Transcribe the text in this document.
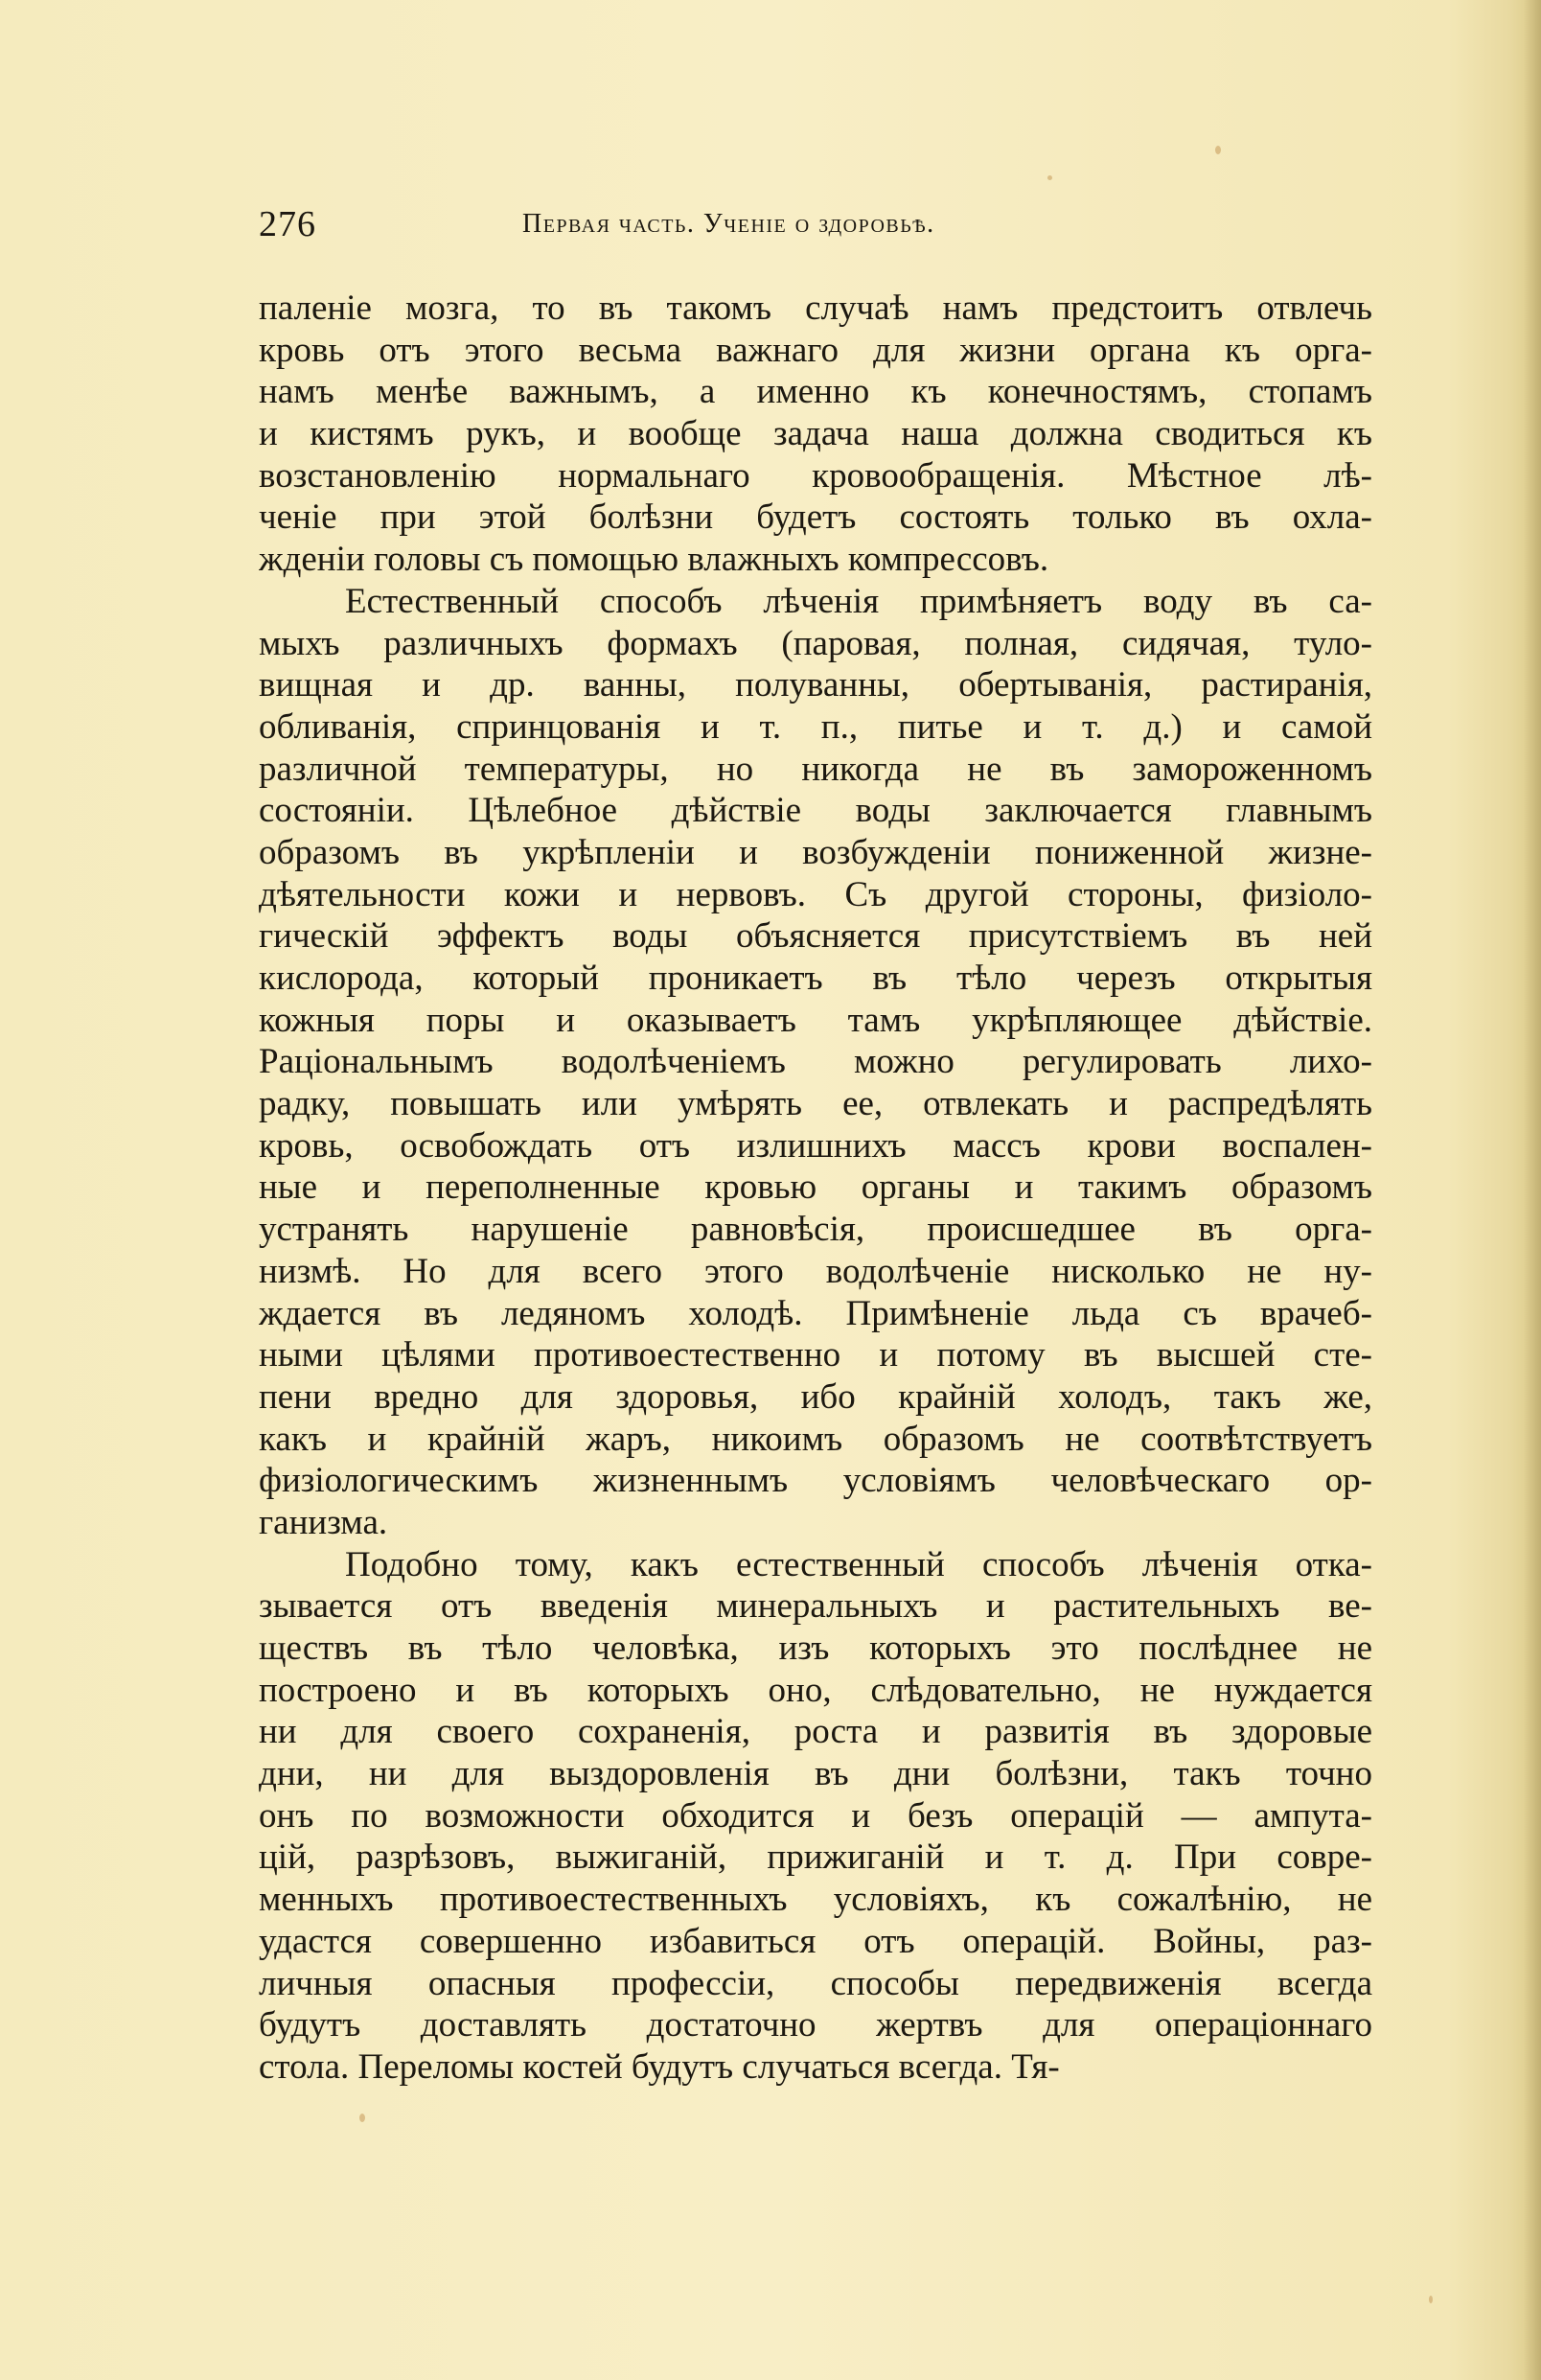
276	Первая часть. Ученіе о здоровьѣ.
паленіе мозга, то въ такомъ случаѣ намъ предстоитъ отвлечь
кровь отъ этого весьма важнаго для жизни органа къ орга-
намъ менѣе важнымъ, а именно къ конечностямъ, стопамъ
и кистямъ рукъ, и вообще задача наша должна сводиться къ
возстановленію нормальнаго кровообращенія. Мѣстное лѣ-
ченіе при этой болѣзни будетъ состоять только въ охла-
жденіи головы съ помощью влажныхъ компрессовъ.
Естественный способъ лѣченія примѣняетъ воду въ са-
мыхъ различныхъ формахъ (паровая, полная, сидячая, туло-
вищная и др. ванны, полуванны, обертыванія, растиранія,
обливанія, спринцованія и т. п., питье и т. д.) и самой
различной температуры, но никогда не въ замороженномъ
состояніи. Цѣлебное дѣйствіе воды заключается главнымъ
образомъ въ укрѣпленіи и возбужденіи пониженной жизне-
дѣятельности кожи и нервовъ. Съ другой стороны, физіоло-
гическій эффектъ воды объясняется присутствіемъ въ ней
кислорода, который проникаетъ въ тѣло черезъ открытыя
кожныя поры и оказываетъ тамъ укрѣпляющее дѣйствіе.
Раціональнымъ водолѣченіемъ можно регулировать лихо-
радку, повышать или умѣрять ее, отвлекать и распредѣлять
кровь, освобождать отъ излишнихъ массъ крови воспален-
ные и переполненные кровью органы и такимъ образомъ
устранять нарушеніе равновѣсія, происшедшее въ орга-
низмѣ. Но для всего этого водолѣченіе нисколько не ну-
ждается въ ледяномъ холодѣ. Примѣненіе льда съ врачеб-
ными цѣлями противоестественно и потому въ высшей сте-
пени вредно для здоровья, ибо крайній холодъ, такъ же,
какъ и крайній жаръ, никоимъ образомъ не соотвѣтствуетъ
физіологическимъ жизненнымъ условіямъ человѣческаго ор-
ганизма.
Подобно тому, какъ естественный способъ лѣченія отка-
зывается отъ введенія минеральныхъ и растительныхъ ве-
ществъ въ тѣло человѣка, изъ которыхъ это послѣднее не
построено и въ которыхъ оно, слѣдовательно, не нуждается
ни для своего сохраненія, роста и развитія въ здоровые
дни, ни для выздоровленія въ дни болѣзни, такъ точно
онъ по возможности обходится и безъ операцій — ампута-
цій, разрѣзовъ, выжиганій, прижиганій и т. д. При совре-
менныхъ противоестественныхъ условіяхъ, къ сожалѣнію, не
удастся совершенно избавиться отъ операцій. Войны, раз-
личныя опасныя профессіи, способы передвиженія всегда
будутъ доставлять достаточно жертвъ для операціоннаго
стола. Переломы костей будутъ случаться всегда. Тя-
